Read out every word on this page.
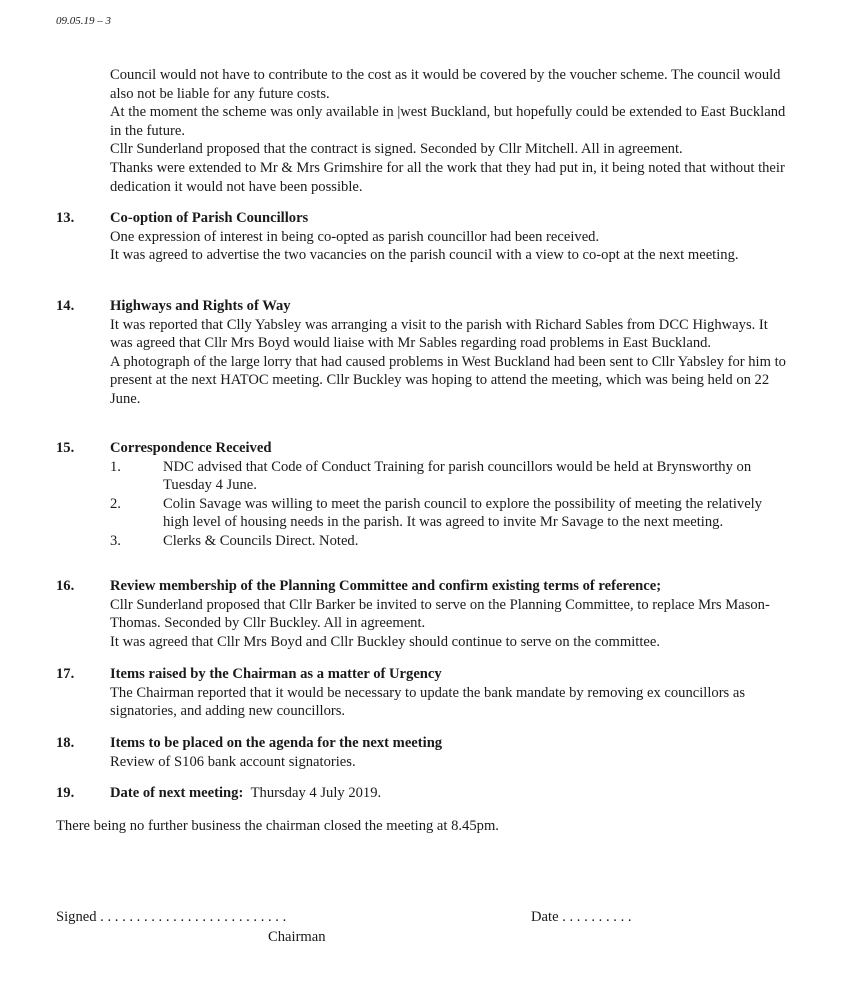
09.05.19 – 3

Council would not have to contribute to the cost as it would be covered by the voucher scheme. The council would also not be liable for any future costs.

At the moment the scheme was only available in |west Buckland, but hopefully could be extended to East Buckland in the future.

Cllr Sunderland proposed that the contract is signed. Seconded by Cllr Mitchell. All in agreement.

Thanks were extended to Mr & Mrs Grimshire for all the work that they had put in, it being noted that without their dedication it would not have been possible.

13. Co-option of Parish Councillors

One expression of interest in being co-opted as parish councillor had been received.

It was agreed to advertise the two vacancies on the parish council with a view to co-opt at the next meeting.

14. Highways and Rights of Way

It was reported that Clly Yabsley was arranging a visit to the parish with Richard Sables from DCC Highways. It was agreed that Cllr Mrs Boyd would liaise with Mr Sables regarding road problems in East Buckland.

A photograph of the large lorry that had caused problems in West Buckland had been sent to Cllr Yabsley for him to present at the next HATOC meeting. Cllr Buckley was hoping to attend the meeting, which was being held on 22 June.

15. Correspondence Received

1.	NDC advised that Code of Conduct Training for parish councillors would be held at Brynsworthy on Tuesday 4 June.
2.	Colin Savage was willing to meet the parish council to explore the possibility of meeting the relatively high level of housing needs in the parish. It was agreed to invite Mr Savage to the next meeting.
3.	Clerks & Councils Direct. Noted.
16. Review membership of the Planning Committee and confirm existing terms of reference;

Cllr Sunderland proposed that Cllr Barker be invited to serve on the Planning Committee, to replace Mrs Mason-Thomas. Seconded by Cllr Buckley. All in agreement.

It was agreed that Cllr Mrs Boyd and Cllr Buckley should continue to serve on the committee.

17. Items raised by the Chairman as a matter of Urgency

The Chairman reported that it would be necessary to update the bank mandate by removing ex councillors as signatories, and adding new councillors.

18. Items to be placed on the agenda for the next meeting

Review of S106 bank account signatories.

19. Date of next meeting: Thursday 4 July 2019.

There being no further business the chairman closed the meeting at 8.45pm.
Signed . . . . . . . . . . . . . . . . . . . . . . . . . .
Chairman
Date . . . . . . . . . .
